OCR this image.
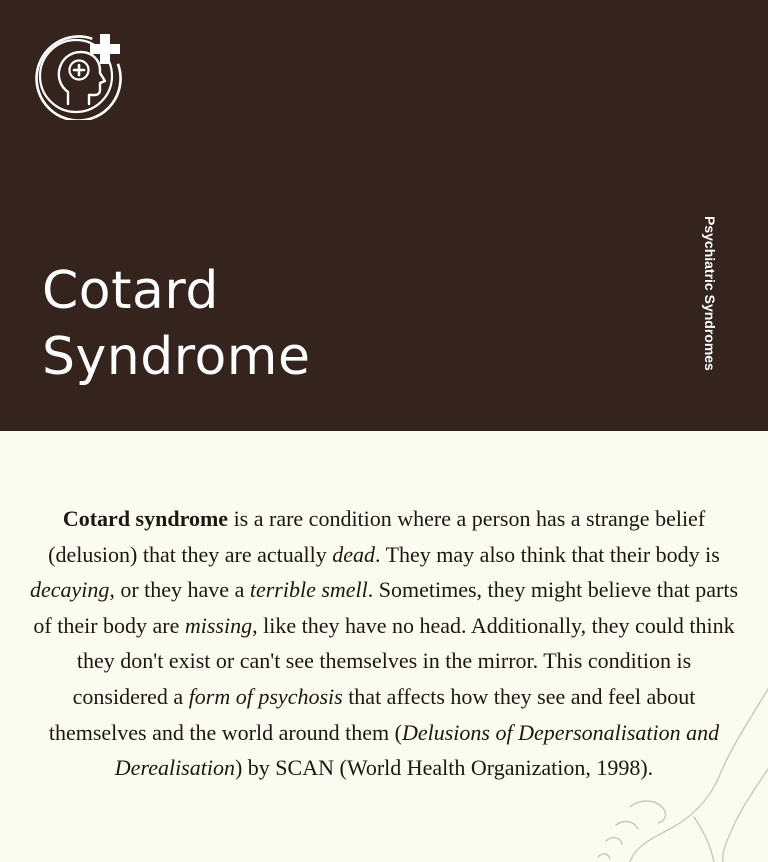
Cotard
Syndrome	Psychiatric Syndromes

Cotard syndrome is a rare condition where a person has a strange belief (delusion) that they are actually dead. They may also think that their body is decaying, or they have a terrible smell. Sometimes, they might believe that parts of their body are missing, like they have no head. Additionally, they could think they don't exist or can't see themselves in the mirror. This condition is considered a form of psychosis that affects how they see and feel about themselves and the world around them (Delusions of Depersonalisation and Derealisation) by SCAN (World Health Organization, 1998).
